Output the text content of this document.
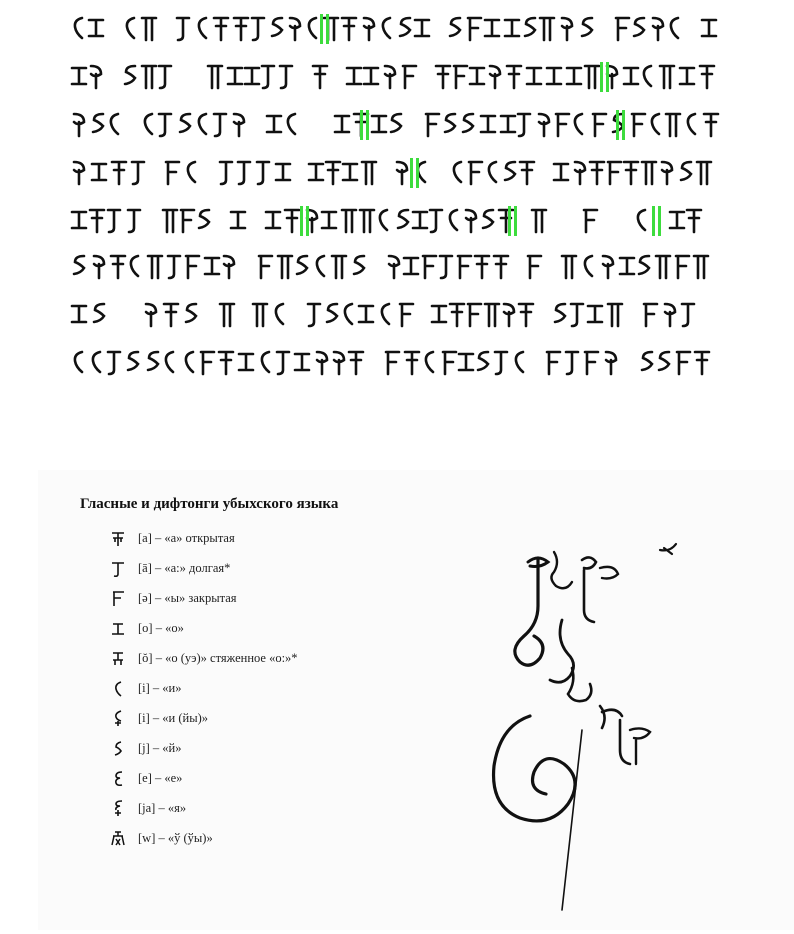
Гласные и дифтонги убыхского языка
[a] – «а» открытая
[ā] – «а:» долгая*
[ə] – «ы» закрытая
[o] – «о»
[ŏ] – «о (уэ)» стяженное «о:»*
[i] – «и»
[i] – «и (йы)»
[j] – «й»
[e] – «е»
[ja] – «я»
[w] – «ў (ўы)»
